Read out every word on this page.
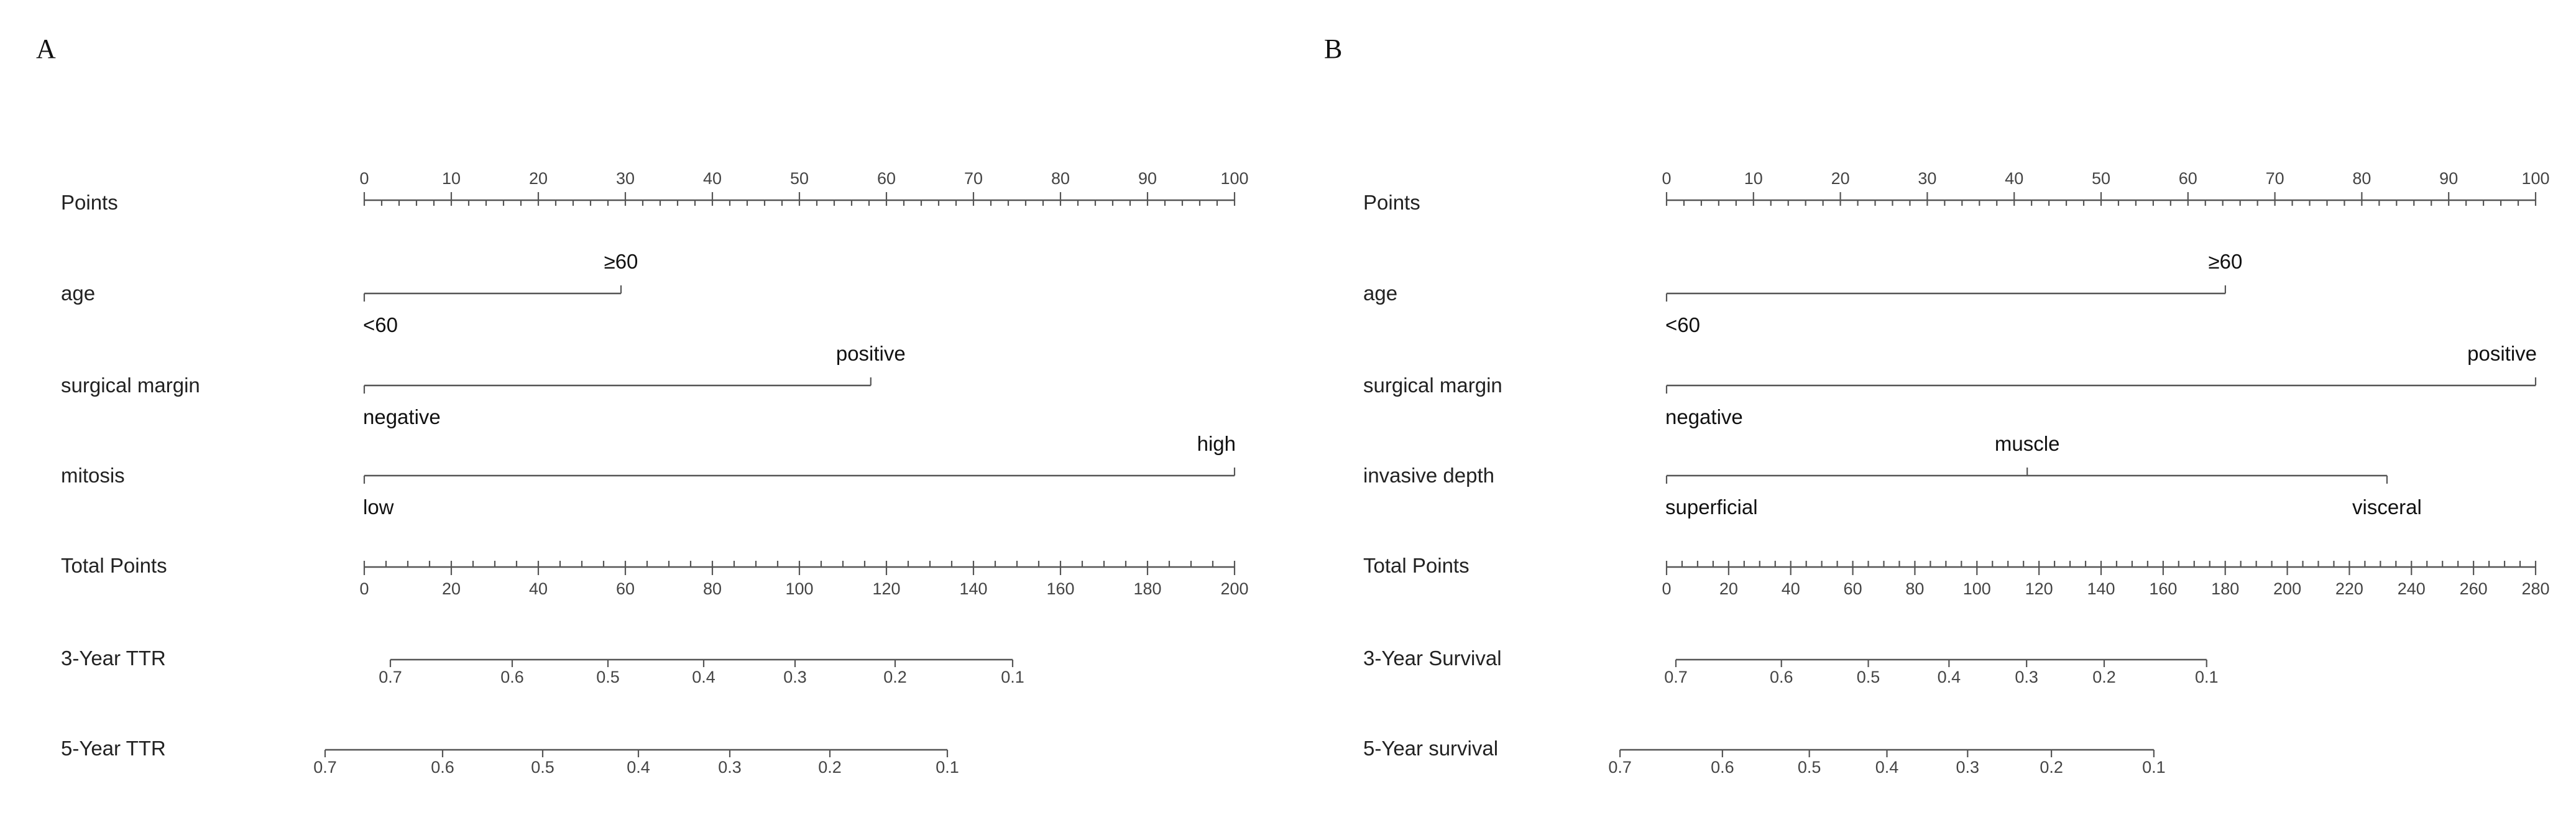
A
Points
0	10	20	30	40	50	60	70	80	90	100
age
<60
≥60
surgical margin
negative
positive
mitosis
low
high
Total Points
0	20	40	60	80	100	120	140	160	180	200
3-Year TTR
0.7	0.6	0.5	0.4	0.3	0.2	0.1
5-Year TTR
0.7	0.6	0.5	0.4	0.3	0.2	0.1
B
Points
0	10	20	30	40	50	60	70	80	90	100
age
<60
≥60
surgical margin
negative
positive
invasive depth
superficial
muscle
visceral
Total Points
0	20	40	60	80 100 120 140 160 180 200 220 240 260 280
3-Year Survival
0.7	0.6	0.5	0.4	0.3	0.2	0.1
5-Year survival
0.7	0.6	0.5	0.4	0.3	0.2	0.1
